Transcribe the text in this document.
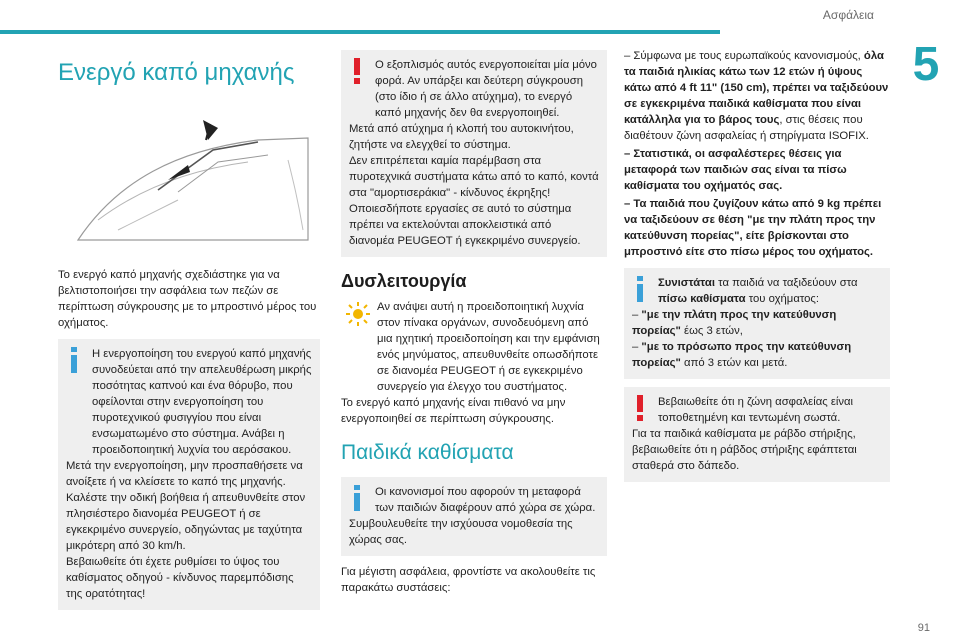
Ασφάλεια
5
Ενεργό καπό μηχανής

Το ενεργό καπό μηχανής σχεδιάστηκε για να βελτιστοποιήσει την ασφάλεια των πεζών σε περίπτωση σύγκρουσης με το μπροστινό μέρος του οχήματος.

Η ενεργοποίηση του ενεργού καπό μηχανής συνοδεύεται από την απελευθέρωση μικρής ποσότητας καπνού και ένα θόρυβο, που οφείλονται στην ενεργοποίηση του πυροτεχνικού φυσιγγίου που είναι ενσωματωμένο στο σύστημα. Ανάβει η προειδοποιητική λυχνία του αερόσακου.

Μετά την ενεργοποίηση, μην προσπαθήσετε να ανοίξετε ή να κλείσετε το καπό της μηχανής.

Καλέστε την οδική βοήθεια ή απευθυνθείτε στον πλησιέστερο διανομέα PEUGEOT ή σε εγκεκριμένο συνεργείο, οδηγώντας με ταχύτητα μικρότερη από 30 km/h.

Βεβαιωθείτε ότι έχετε ρυθμίσει το ύψος του καθίσματος οδηγού - κίνδυνος παρεμπόδισης της ορατότητας!

Ο εξοπλισμός αυτός ενεργοποιείται μία μόνο φορά. Αν υπάρξει και δεύτερη σύγκρουση (στο ίδιο ή σε άλλο ατύχημα), το ενεργό καπό μηχανής δεν θα ενεργοποιηθεί.

Μετά από ατύχημα ή κλοπή του αυτοκινήτου, ζητήστε να ελεγχθεί το σύστημα.

Δεν επιτρέπεται καμία παρέμβαση στα πυροτεχνικά συστήματα κάτω από το καπό, κοντά στα "αμορτισεράκια" - κίνδυνος έκρηξης!

Οποιεσδήποτε εργασίες σε αυτό το σύστημα πρέπει να εκτελούνται αποκλειστικά από διανομέα PEUGEOT ή εγκεκριμένο συνεργείο.

Δυσλειτουργία

Αν ανάψει αυτή η προειδοποιητική λυχνία στον πίνακα οργάνων, συνοδευόμενη από μια ηχητική προειδοποίηση και την εμφάνιση ενός μηνύματος, απευθυνθείτε οπωσδήποτε σε διανομέα PEUGEOT ή σε εγκεκριμένο συνεργείο για έλεγχο του συστήματος.

Το ενεργό καπό μηχανής είναι πιθανό να μην ενεργοποιηθεί σε περίπτωση σύγκρουσης.

Παιδικά καθίσματα

Οι κανονισμοί που αφορούν τη μεταφορά των παιδιών διαφέρουν από χώρα σε χώρα.

Συμβουλευθείτε την ισχύουσα νομοθεσία της χώρας σας.

Για μέγιστη ασφάλεια, φροντίστε να ακολουθείτε τις παρακάτω συστάσεις:

– Σύμφωνα με τους ευρωπαϊκούς κανονισμούς, όλα τα παιδιά ηλικίας κάτω των 12 ετών ή ύψους κάτω από 4 ft 11" (150 cm), πρέπει να ταξιδεύουν σε εγκεκριμένα παιδικά καθίσματα που είναι κατάλληλα για το βάρος τους, στις θέσεις που διαθέτουν ζώνη ασφαλείας ή στηρίγματα ISOFIX.

– Στατιστικά, οι ασφαλέστερες θέσεις για μεταφορά των παιδιών σας είναι τα πίσω καθίσματα του οχήματός σας.

– Τα παιδιά που ζυγίζουν κάτω από 9 kg πρέπει να ταξιδεύουν σε θέση "με την πλάτη προς την κατεύθυνση πορείας", είτε βρίσκονται στο μπροστινό είτε στο πίσω μέρος του οχήματος.

Συνιστάται τα παιδιά να ταξιδεύουν στα πίσω καθίσματα του οχήματος:

– "με την πλάτη προς την κατεύθυνση πορείας" έως 3 ετών,

– "με το πρόσωπο προς την κατεύθυνση πορείας" από 3 ετών και μετά.

Βεβαιωθείτε ότι η ζώνη ασφαλείας είναι τοποθετημένη και τεντωμένη σωστά.

Για τα παιδικά καθίσματα με ράβδο στήριξης, βεβαιωθείτε ότι η ράβδος στήριξης εφάπτεται σταθερά στο δάπεδο.

91
